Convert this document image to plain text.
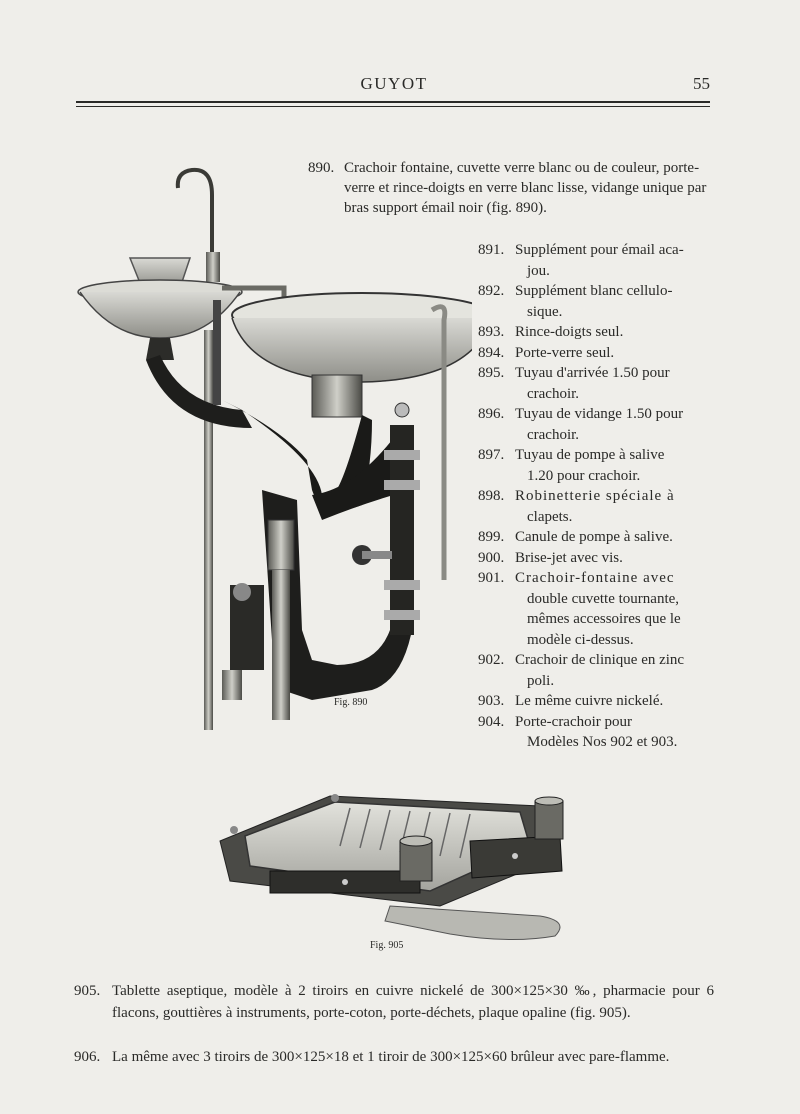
GUYOT	55
Fig. 890
890. Crachoir fontaine, cuvette verre blanc ou de couleur, porte-verre et rince-doigts en verre blanc lisse, vidange unique par bras support émail noir (fig. 890).
891. Supplément pour émail aca-
jou.
892. Supplément blanc cellulo-
sique.
893. Rince-doigts seul.
894. Porte-verre seul.
895. Tuyau d'arrivée 1.50 pour
crachoir.
896. Tuyau de vidange 1.50 pour
crachoir.
897. Tuyau de pompe à salive
1.20 pour crachoir.
898. Robinetterie spéciale à
clapets.
899. Canule de pompe à salive.
900. Brise-jet avec vis.
901. Crachoir-fontaine avec
double cuvette tournante,
mêmes accessoires que le
modèle ci-dessus.
902. Crachoir de clinique en zinc
poli.
903. Le même cuivre nickelé.
904. Porte-crachoir pour
Modèles Nos 902 et 903.
Fig. 905
905. Tablette aseptique, modèle à 2 tiroirs en cuivre nickelé de 300×125×30 ‰, pharmacie pour 6 flacons, gouttières à instruments, porte-coton, porte-déchets, plaque opaline (fig. 905).
906. La même avec 3 tiroirs de 300×125×18 et 1 tiroir de 300×125×60 brûleur avec pare-flamme.
